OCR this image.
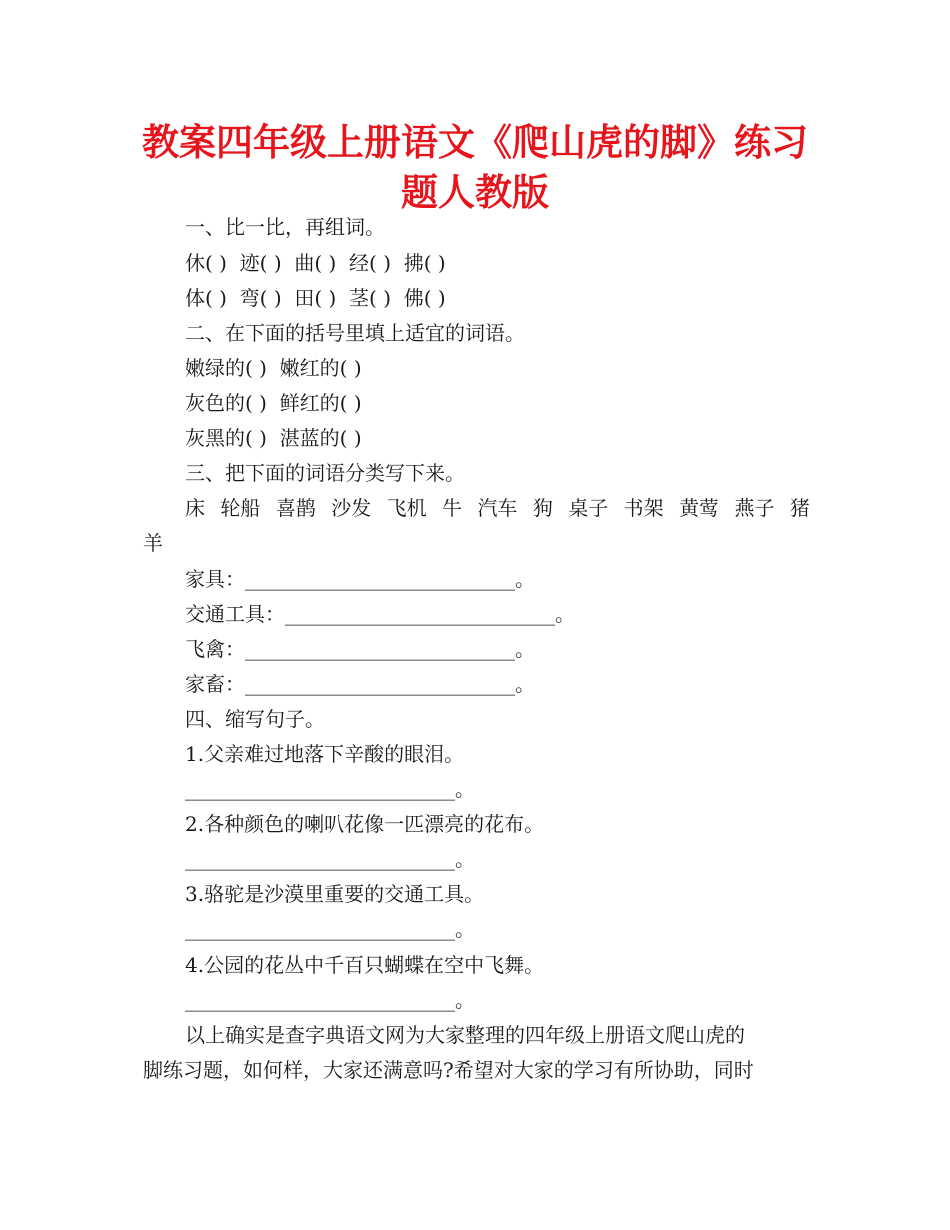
教案四年级上册语文《爬山虎的脚》练习
题人教版

一、比一比，再组词。

休( )  迹( )  曲( )  经( )  拂( )

体( )  弯( )  田( )  茎( )  佛( )

二、在下面的括号里填上适宜的词语。

嫩绿的( )  嫩红的( )

灰色的( )  鲜红的( )

灰黑的( )  湛蓝的( )

三、把下面的词语分类写下来。

床 轮船 喜鹊 沙发 飞机 牛 汽车 狗 桌子 书架 黄莺 燕子 猪

羊

家具：___________________________。

交通工具：___________________________。

飞禽：___________________________。

家畜：___________________________。

四、缩写句子。

1.父亲难过地落下辛酸的眼泪。

___________________________。

2.各种颜色的喇叭花像一匹漂亮的花布。

___________________________。

3.骆驼是沙漠里重要的交通工具。

___________________________。

4.公园的花丛中千百只蝴蝶在空中飞舞。

___________________________。

以上确实是查字典语文网为大家整理的四年级上册语文爬山虎的

脚练习题，如何样，大家还满意吗?希望对大家的学习有所协助，同时
